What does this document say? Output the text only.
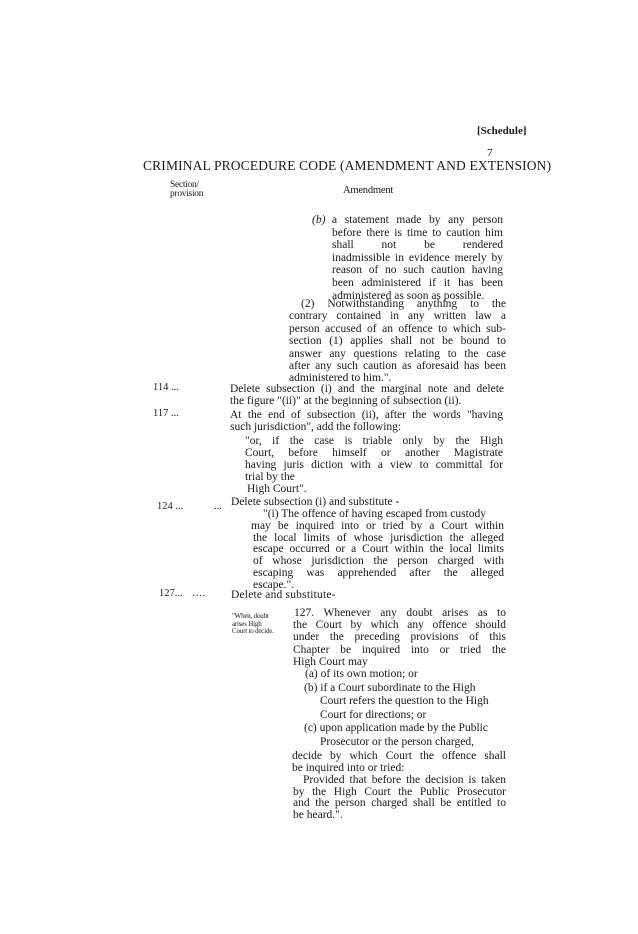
[Schedule]
7
CRIMINAL PROCEDURE CODE (AMENDMENT AND EXTENSION)
Section/
provision	Amendment
(b) a statement made by any person
before there is time to caution him
shall not be rendered
inadmissible in evidence merely by
reason of no such caution having
been administered if it has been
administered as soon as possible.
(2) Notwithstanding anything to the
contrary contained in any written law a
person accused of an offence to which sub-
section (1) applies shall not be bound to
answer any questions relating to the case
after any such caution as aforesaid has been
administered to him.".
114 ...	Delete subsection (i) and the marginal note and delete
the figure "(ii)" at the beginning of subsection (ii).
117 ...	At the end of subsection (ii), after the words "having
such jurisdiction", add the following:
"or, if the case is triable only by the High
Court, before himself or another Magistrate
having juris diction with a view to committal for
trial by the
High Court".
124 ...	... Delete subsection (i) and substitute -
"(i) The offence of having escaped from custody
may be inquired into or tried by a Court within
the local limits of whose jurisdiction the alleged
escape occurred or a Court within the local limits
of whose jurisdiction the person charged with
escaping was apprehended after the alleged
escape.".
127... …. Delete and substitute-
"When, doubt
arises High
Court to decide.
127. Whenever any doubt arises as to
the Court by which any offence should
under the preceding provisions of this
Chapter be inquired into or tried the
High Court may
(a) of its own motion; or
(b) if a Court subordinate to the High
Court refers the question to the High
Court for directions; or
(c) upon application made by the Public
Prosecutor or the person charged,
decide by which Court the offence shall
be inquired into or tried:
Provided that before the decision is taken
by the High Court the Public Prosecutor
and the person charged shall be entitled to
be heard.".
